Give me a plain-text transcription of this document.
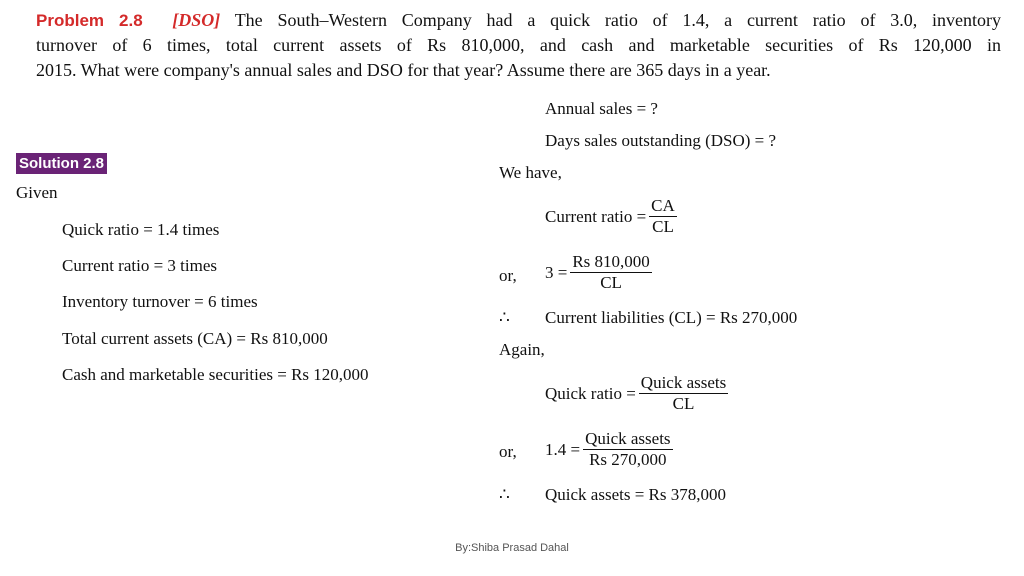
Problem 2.8 [DSO] The South–Western Company had a quick ratio of 1.4, a current ratio of 3.0, inventory
turnover of 6 times, total current assets of Rs 810,000, and cash and marketable securities of Rs 120,000 in
2015. What were company's annual sales and DSO for that year? Assume there are 365 days in a year.
Solution 2.8
Given
Quick ratio = 1.4 times
Current ratio = 3 times
Inventory turnover = 6 times
Total current assets (CA) = Rs 810,000
Cash and marketable securities = Rs 120,000
Annual sales = ?
Days sales outstanding (DSO) = ?
We have,
Current ratio = $\frac{CA}{CL}$
or, $3 = \frac{Rs 810,000}{CL}$
∴ Current liabilities (CL) = Rs 270,000
Again,
Quick ratio = $\frac{\text{Quick assets}}{CL}$
or, $1.4 = \frac{\text{Quick assets}}{Rs 270,000}$
∴ Quick assets = Rs 378,000
By:Shiba Prasad Dahal
